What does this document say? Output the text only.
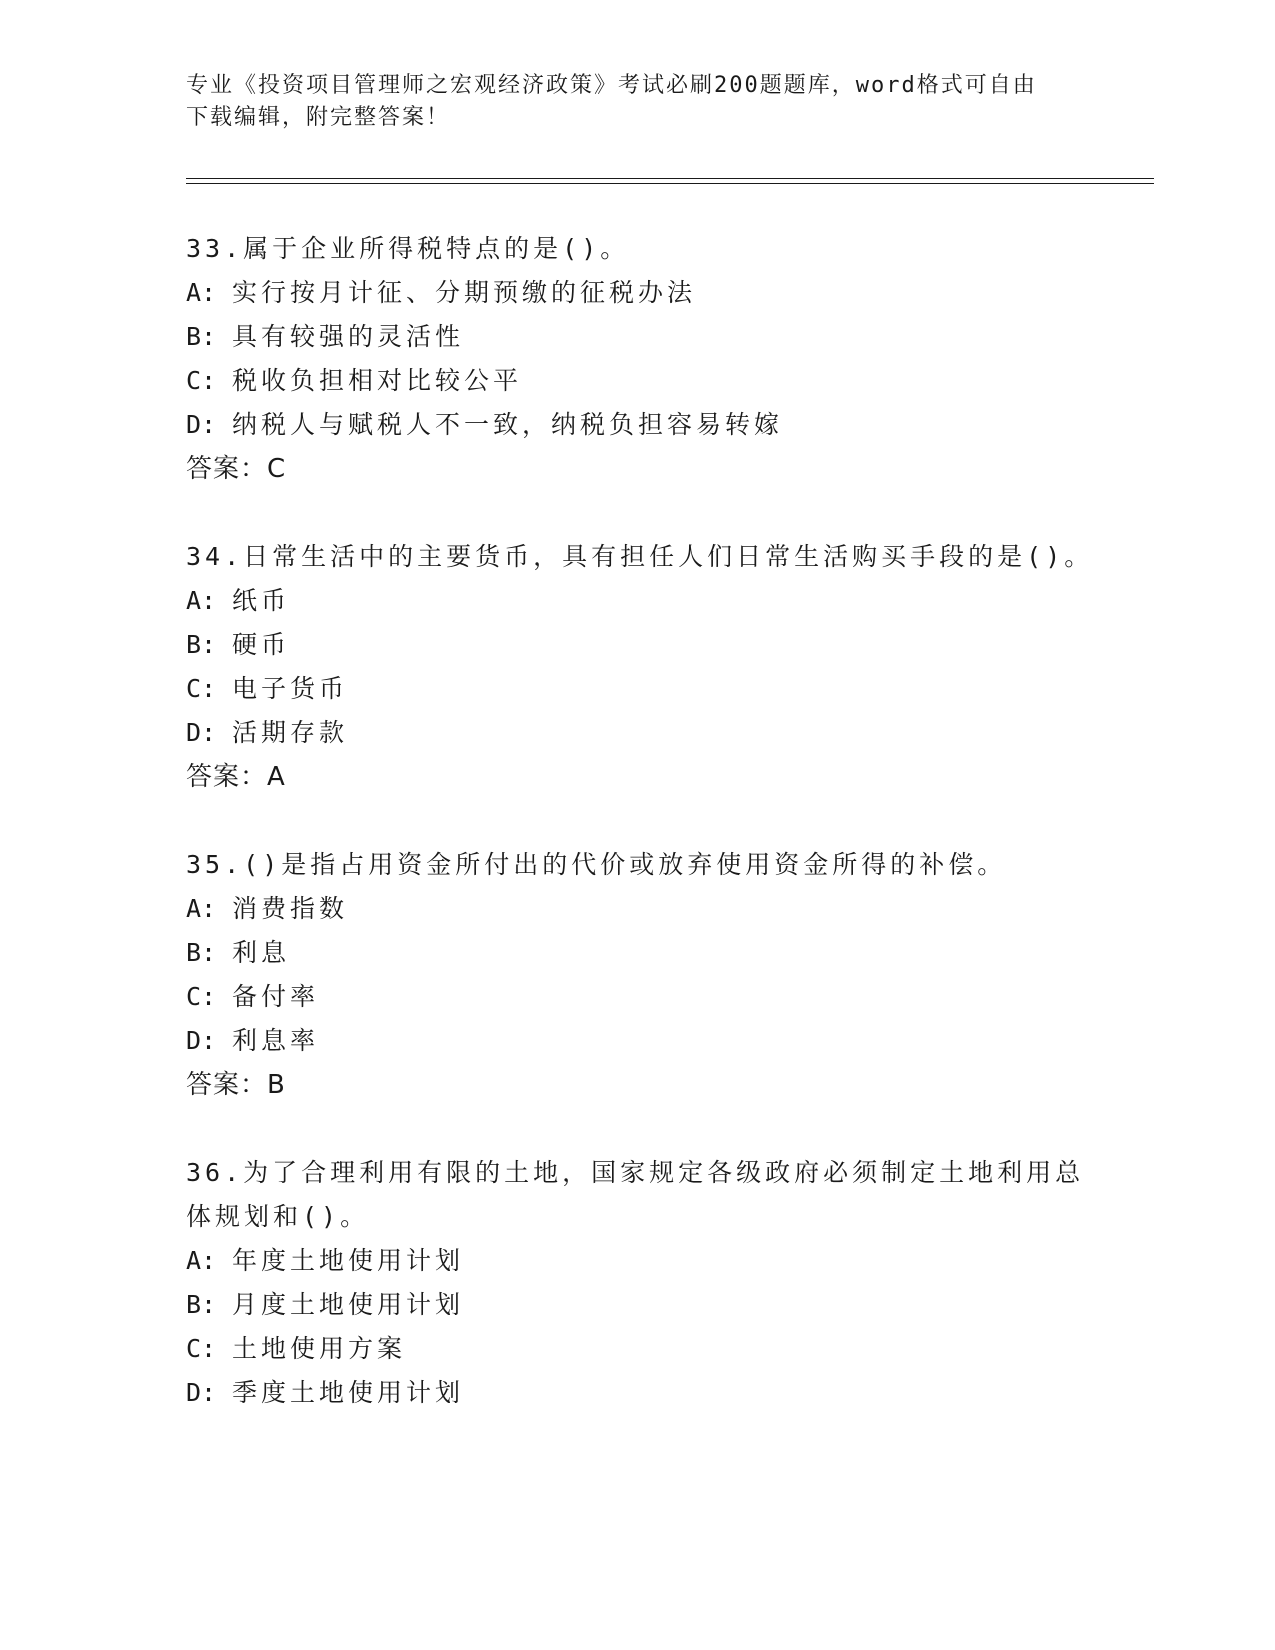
专业《投资项目管理师之宏观经济政策》考试必刷200题题库，word格式可自由
下载编辑，附完整答案！
33.属于企业所得税特点的是()。
A: 实行按月计征、分期预缴的征税办法
B: 具有较强的灵活性
C: 税收负担相对比较公平
D: 纳税人与赋税人不一致，纳税负担容易转嫁
答案：C
34.日常生活中的主要货币，具有担任人们日常生活购买手段的是()。
A: 纸币
B: 硬币
C: 电子货币
D: 活期存款
答案：A
35.()是指占用资金所付出的代价或放弃使用资金所得的补偿。
A: 消费指数
B: 利息
C: 备付率
D: 利息率
答案：B
36.为了合理利用有限的土地，国家规定各级政府必须制定土地利用总
体规划和()。
A: 年度土地使用计划
B: 月度土地使用计划
C: 土地使用方案
D: 季度土地使用计划
